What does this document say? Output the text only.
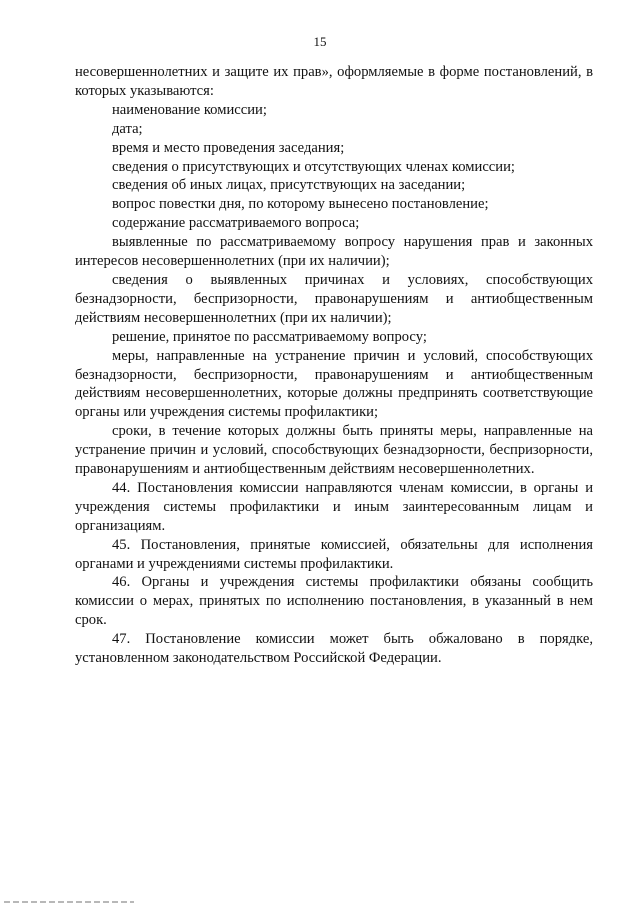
15

несовершеннолетних и защите их прав», оформляемые в форме постановлений, в которых указываются:

наименование комиссии;

дата;

время и место проведения заседания;

сведения о присутствующих и отсутствующих членах комиссии;

сведения об иных лицах, присутствующих на заседании;

вопрос повестки дня, по которому вынесено постановление;

содержание рассматриваемого вопроса;

выявленные по рассматриваемому вопросу нарушения прав и законных интересов несовершеннолетних (при их наличии);

сведения о выявленных причинах и условиях, способствующих безнадзорности, беспризорности, правонарушениям и антиобщественным действиям несовершеннолетних (при их наличии);

решение, принятое по рассматриваемому вопросу;

меры, направленные на устранение причин и условий, способствующих безнадзорности, беспризорности, правонарушениям и антиобщественным действиям несовершеннолетних, которые должны предпринять соответствующие органы или учреждения системы профилактики;

сроки, в течение которых должны быть приняты меры, направленные на устранение причин и условий, способствующих безнадзорности, беспризорности, правонарушениям и антиобщественным действиям несовершеннолетних.

44. Постановления комиссии направляются членам комиссии, в органы и учреждения системы профилактики и иным заинтересованным лицам и организациям.

45. Постановления, принятые комиссией, обязательны для исполнения органами и учреждениями системы профилактики.

46. Органы и учреждения системы профилактики обязаны сообщить комиссии о мерах, принятых по исполнению постановления, в указанный в нем срок.

47. Постановление комиссии может быть обжаловано в порядке, установленном законодательством Российской Федерации.
